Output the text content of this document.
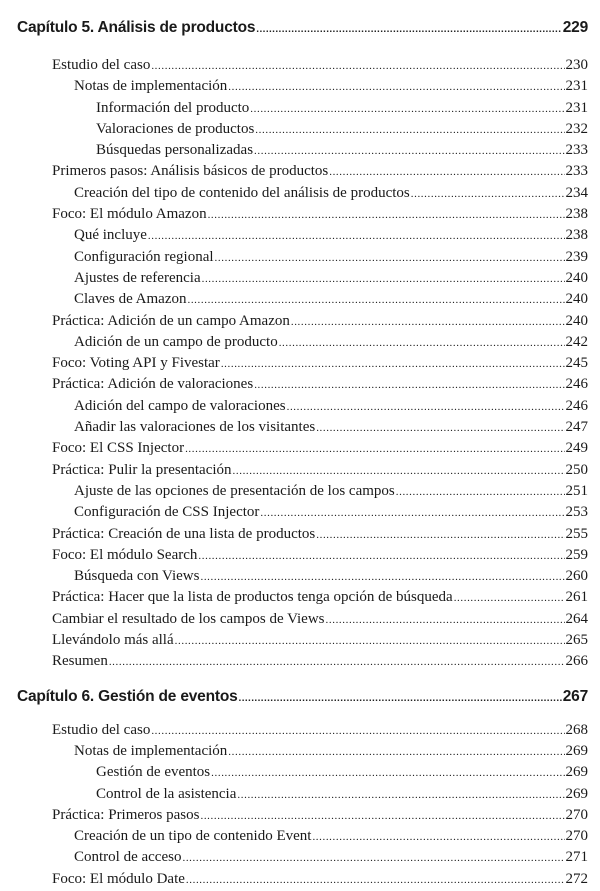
Capítulo 5. Análisis de productos .....	229
Estudio del caso .....	230
Notas de implementación .....	231
Información del producto .....	231
Valoraciones de productos .....	232
Búsquedas personalizadas .....	233
Primeros pasos: Análisis básicos de productos .....	233
Creación del tipo de contenido del análisis de productos .....	234
Foco: El módulo Amazon .....	238
Qué incluye .....	238
Configuración regional .....	239
Ajustes de referencia .....	240
Claves de Amazon .....	240
Práctica: Adición de un campo Amazon .....	240
Adición de un campo de producto .....	242
Foco: Voting API y Fivestar .....	245
Práctica: Adición de valoraciones .....	246
Adición del campo de valoraciones .....	246
Añadir las valoraciones de los visitantes .....	247
Foco: El CSS Injector .....	249
Práctica: Pulir la presentación .....	250
Ajuste de las opciones de presentación de los campos .....	251
Configuración de CSS Injector .....	253
Práctica: Creación de una lista de productos .....	255
Foco: El módulo Search .....	259
Búsqueda con Views .....	260
Práctica: Hacer que la lista de productos tenga opción de búsqueda .....	261
Cambiar el resultado de los campos de Views .....	264
Llevándolo más allá .....	265
Resumen .....	266
Capítulo 6. Gestión de eventos .....	267
Estudio del caso .....	268
Notas de implementación .....	269
Gestión de eventos .....	269
Control de la asistencia .....	269
Práctica: Primeros pasos .....	270
Creación de un tipo de contenido Event .....	270
Control de acceso .....	271
Foco: El módulo Date .....	272
